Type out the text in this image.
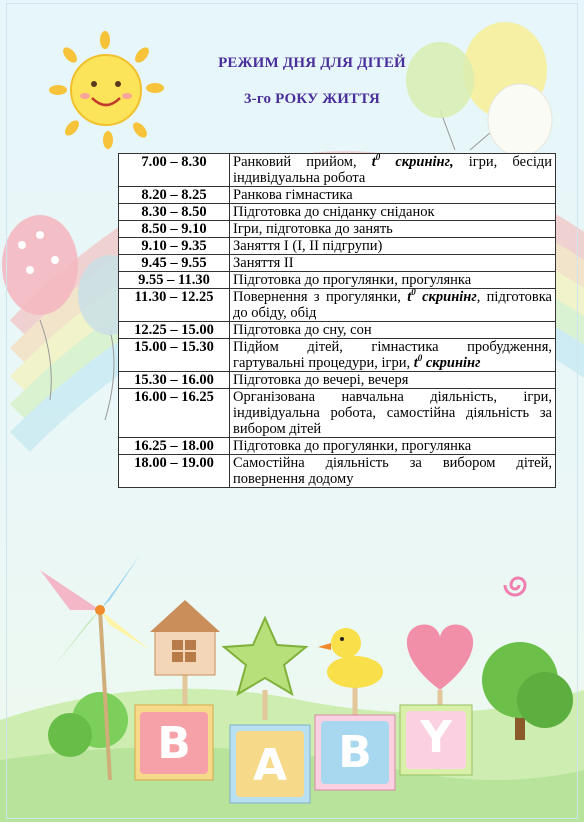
B	A	B	Y
РЕЖИМ ДНЯ ДЛЯ ДІТЕЙ
3-го РОКУ ЖИТТЯ
7.00 – 8.30	Ранковий прийом, $t^0$ скринінг, ігри, бесіди індивідуальна робота
8.20 – 8.25	Ранкова гімнастика
8.30 – 8.50	Підготовка до сніданку сніданок
8.50 – 9.10	Ігри, підготовка до занять
9.10 – 9.35	Заняття І (І, ІІ підгрупи)
9.45 – 9.55	Заняття ІІ
9.55 – 11.30	Підготовка до прогулянки, прогулянка
11.30 – 12.25	Повернення з прогулянки, $t^0$ скринінг, підготовка до обіду, обід
12.25 – 15.00	Підготовка до сну, сон
15.00 – 15.30	Підйом дітей, гімнастика пробудження, гартувальні процедури, ігри, $t^0$ скринінг
15.30 – 16.00	Підготовка до вечері, вечеря
16.00 – 16.25	Організована навчальна діяльність, ігри, індивідуальна робота, самостійна діяльність за вибором дітей
16.25 – 18.00	Підготовка до прогулянки, прогулянка
18.00 – 19.00	Самостійна діяльність за вибором дітей, повернення додому
